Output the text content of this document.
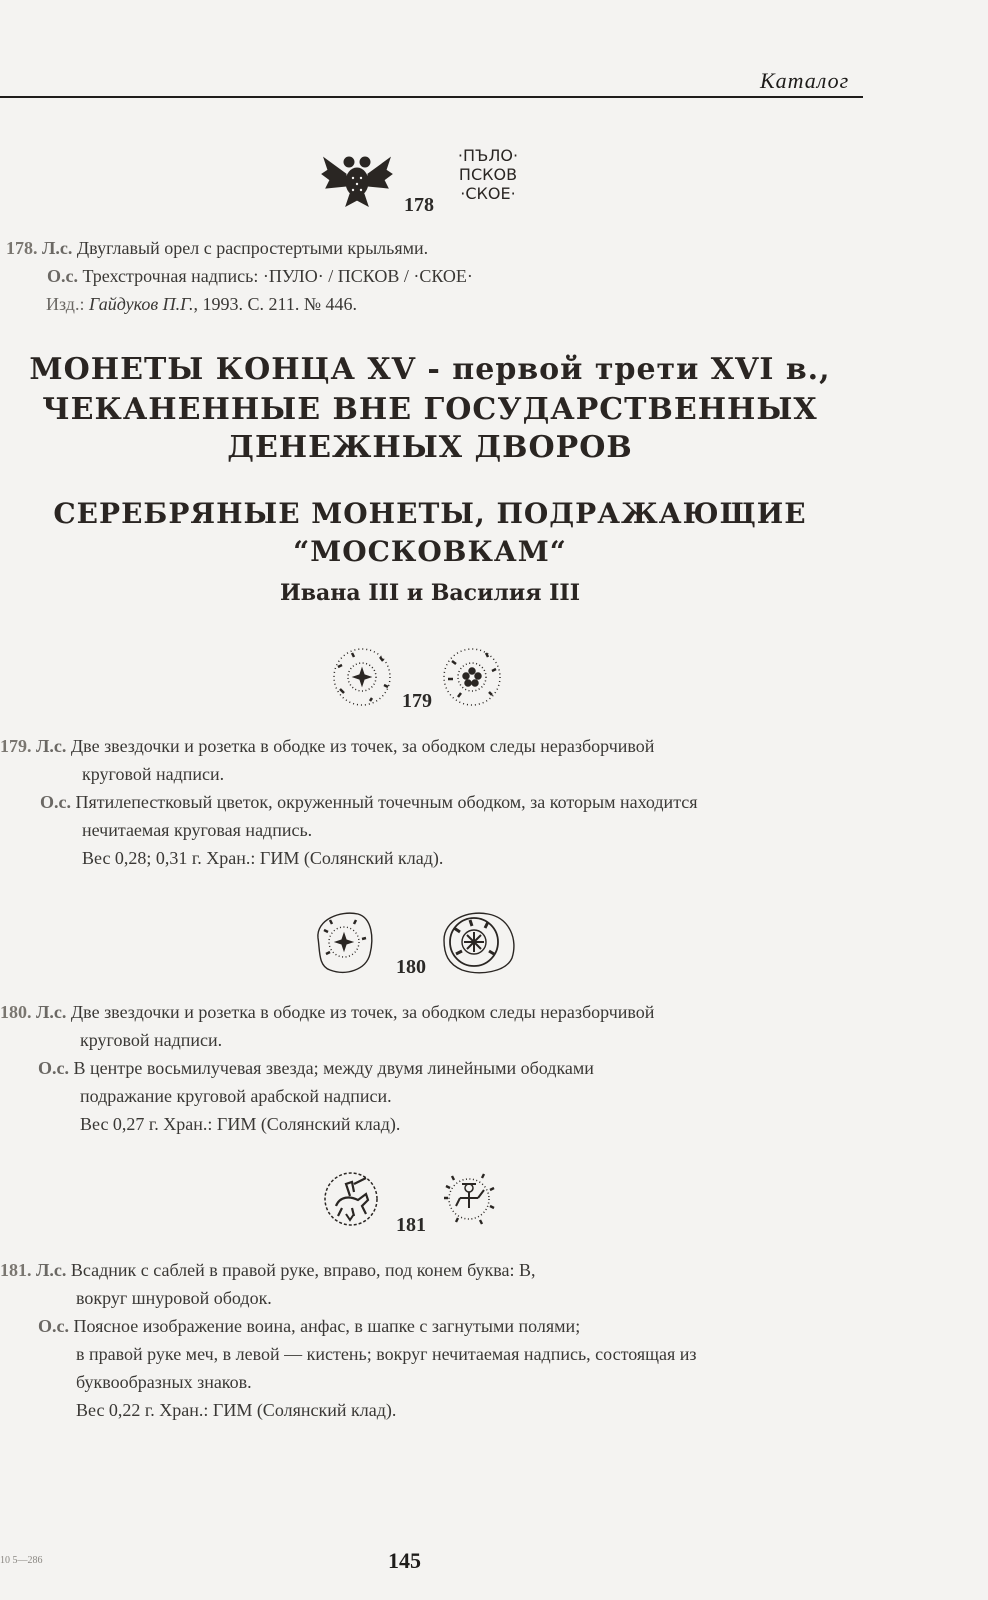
Каталог
·ПЪЛО·
ПСКОВ
·СКОЕ·
178
178. Л.с. Двуглавый орел с распростертыми крыльями.
О.с. Трехстрочная надпись: ·ПУЛО· / ПСКОВ / ·СКОЕ·
Изд.: Гайдуков П.Г., 1993. С. 211. № 446.
МОНЕТЫ КОНЦА XV - первой трети XVI в.,
ЧЕКАНЕННЫЕ ВНЕ ГОСУДАРСТВЕННЫХ
ДЕНЕЖНЫХ ДВОРОВ
СЕРЕБРЯНЫЕ МОНЕТЫ, ПОДРАЖАЮЩИЕ
“МОСКОВКАМ“
Ивана III и Василия III
179
179. Л.с. Две звездочки и розетка в ободке из точек, за ободком следы неразборчивой
круговой надписи.
О.с. Пятилепестковый цветок, окруженный точечным ободком, за которым находится
нечитаемая круговая надпись.
Вес 0,28; 0,31 г. Хран.: ГИМ (Солянский клад).
180
180. Л.с. Две звездочки и розетка в ободке из точек, за ободком следы неразборчивой
круговой надписи.
О.с. В центре восьмилучевая звезда; между двумя линейными ободками
подражание круговой арабской надписи.
Вес 0,27 г. Хран.: ГИМ (Солянский клад).
181
181. Л.с. Всадник с саблей в правой руке, вправо, под конем буква: В,
вокруг шнуровой ободок.
О.с. Поясное изображение воина, анфас, в шапке с загнутыми полями;
в правой руке меч, в левой — кистень; вокруг нечитаемая надпись, состоящая из
буквообразных знаков.
Вес 0,22 г. Хран.: ГИМ (Солянский клад).
10 5—286	145
